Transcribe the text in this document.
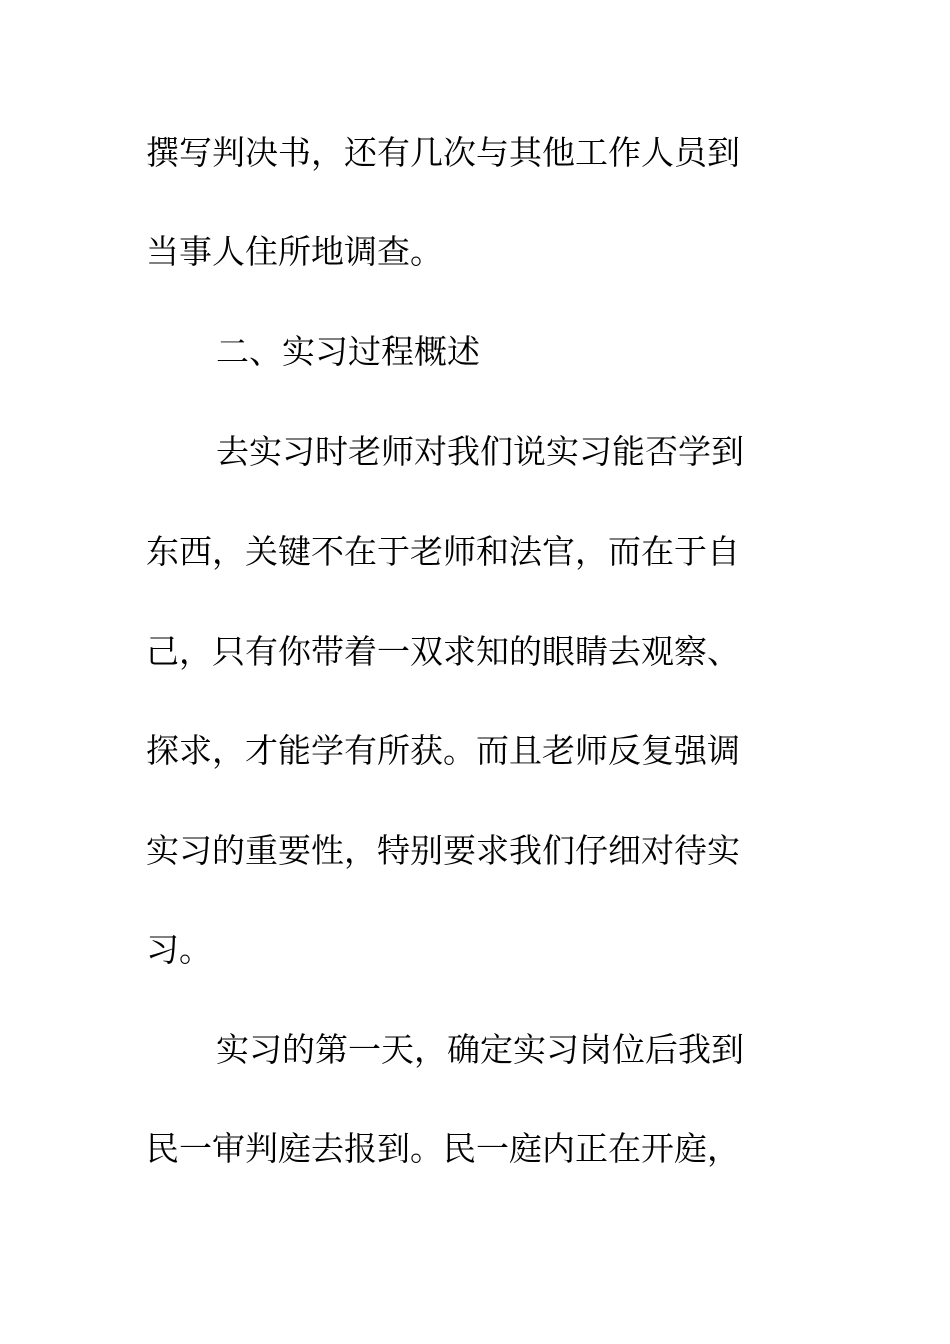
撰写判决书，还有几次与其他工作人员到
当事人住所地调查。
二、实习过程概述
去实习时老师对我们说实习能否学到
东西，关键不在于老师和法官，而在于自
己，只有你带着一双求知的眼睛去观察、
探求，才能学有所获。而且老师反复强调
实习的重要性，特别要求我们仔细对待实
习。
实习的第一天，确定实习岗位后我到
民一审判庭去报到。民一庭内正在开庭，
